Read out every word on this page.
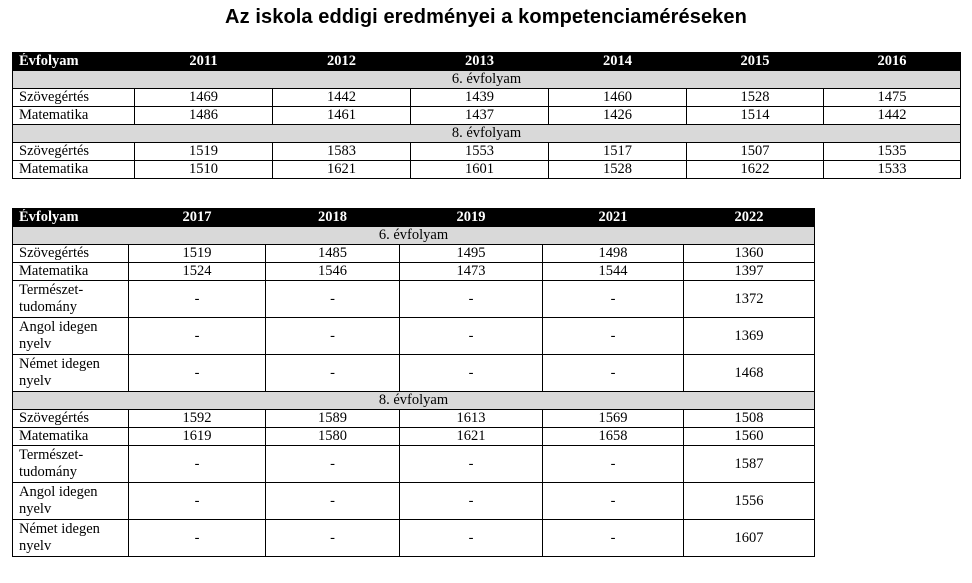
Az iskola eddigi eredményei a kompetenciaméréseken
Évfolyam	2011	2012	2013	2014	2015	2016
6. évfolyam						
Szövegértés	1469	1442	1439	1460	1528	1475
Matematika	1486	1461	1437	1426	1514	1442
8. évfolyam						
Szövegértés	1519	1583	1553	1517	1507	1535
Matematika	1510	1621	1601	1528	1622	1533
Évfolyam	2017	2018	2019	2021	2022
6. évfolyam					
Szövegértés	1519	1485	1495	1498	1360
Matematika	1524	1546	1473	1544	1397
Természet-tudomány	-	-	-	-	1372
Angol idegen nyelv	-	-	-	-	1369
Német idegen nyelv	-	-	-	-	1468
8. évfolyam					
Szövegértés	1592	1589	1613	1569	1508
Matematika	1619	1580	1621	1658	1560
Természet-tudomány	-	-	-	-	1587
Angol idegen nyelv	-	-	-	-	1556
Német idegen nyelv	-	-	-	-	1607
